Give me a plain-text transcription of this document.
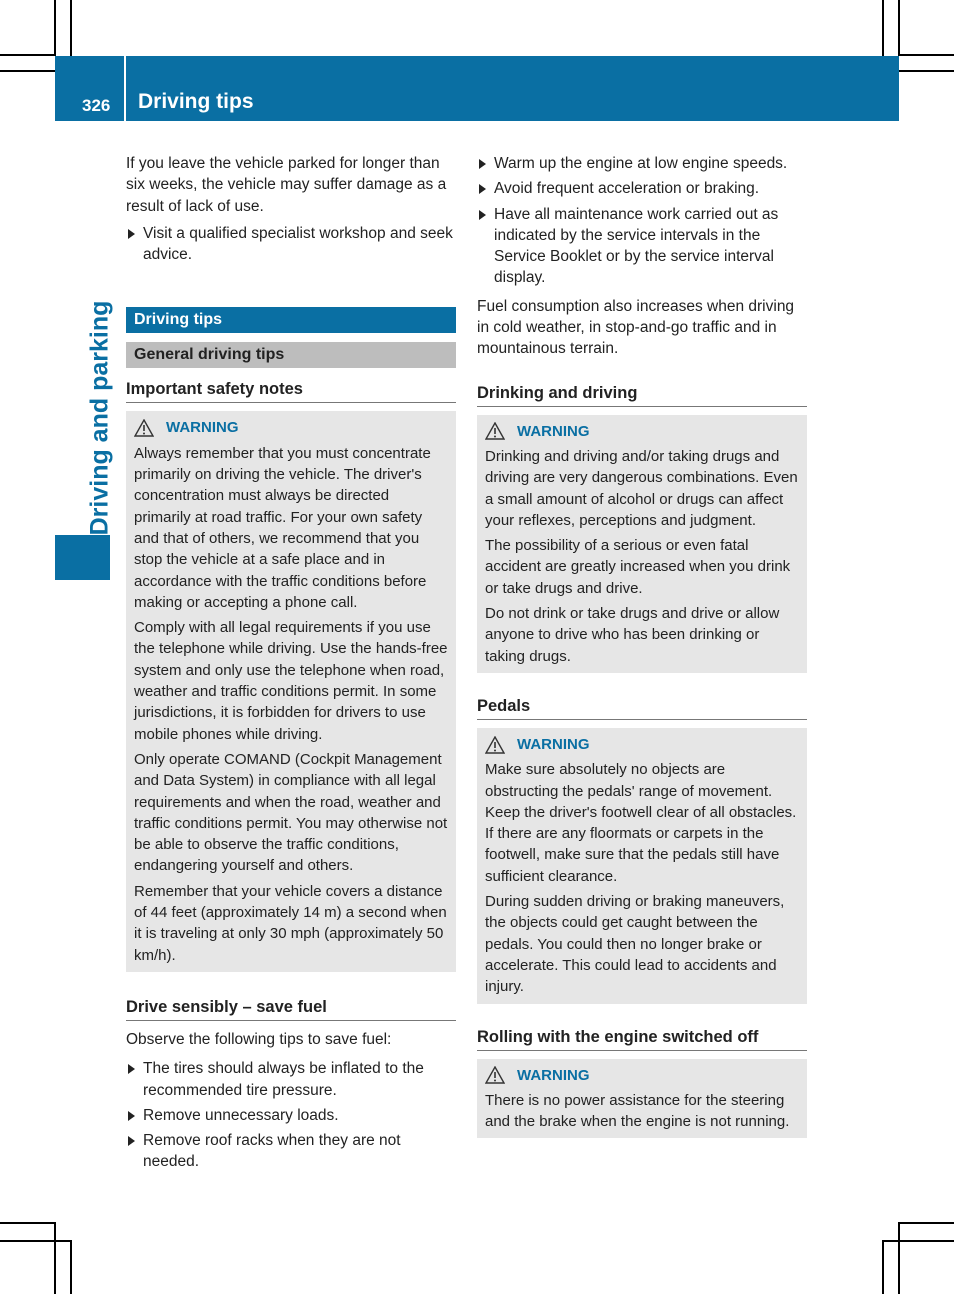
326 Driving tips
Driving and parking

If you leave the vehicle parked for longer than six weeks, the vehicle may suffer damage as a result of lack of use.

Visit a qualified specialist workshop and seek advice.

Driving tips
General driving tips
Important safety notes
WARNING

Always remember that you must concentrate primarily on driving the vehicle. The driver's concentration must always be directed primarily at road traffic. For your own safety and that of others, we recommend that you stop the vehicle at a safe place and in accordance with the traffic conditions before making or accepting a phone call.

Comply with all legal requirements if you use the telephone while driving. Use the hands-free system and only use the telephone when road, weather and traffic conditions permit. In some jurisdictions, it is forbidden for drivers to use mobile phones while driving.

Only operate COMAND (Cockpit Management and Data System) in compliance with all legal requirements and when the road, weather and traffic conditions permit. You may otherwise not be able to observe the traffic conditions, endangering yourself and others.

Remember that your vehicle covers a distance of 44 feet (approximately 14 m) a second when it is traveling at only 30 mph (approximately 50 km/h).

Drive sensibly – save fuel

Observe the following tips to save fuel:

The tires should always be inflated to the recommended tire pressure.

Remove unnecessary loads.

Remove roof racks when they are not needed.

Warm up the engine at low engine speeds.

Avoid frequent acceleration or braking.

Have all maintenance work carried out as indicated by the service intervals in the Service Booklet or by the service interval display.

Fuel consumption also increases when driving in cold weather, in stop-and-go traffic and in mountainous terrain.

Drinking and driving
WARNING

Drinking and driving and/or taking drugs and driving are very dangerous combinations. Even a small amount of alcohol or drugs can affect your reflexes, perceptions and judgment.

The possibility of a serious or even fatal accident are greatly increased when you drink or take drugs and drive.

Do not drink or take drugs and drive or allow anyone to drive who has been drinking or taking drugs.

Pedals
WARNING

Make sure absolutely no objects are obstructing the pedals' range of movement. Keep the driver's footwell clear of all obstacles. If there are any floormats or carpets in the footwell, make sure that the pedals still have sufficient clearance.

During sudden driving or braking maneuvers, the objects could get caught between the pedals. You could then no longer brake or accelerate. This could lead to accidents and injury.

Rolling with the engine switched off
WARNING

There is no power assistance for the steering and the brake when the engine is not running.
